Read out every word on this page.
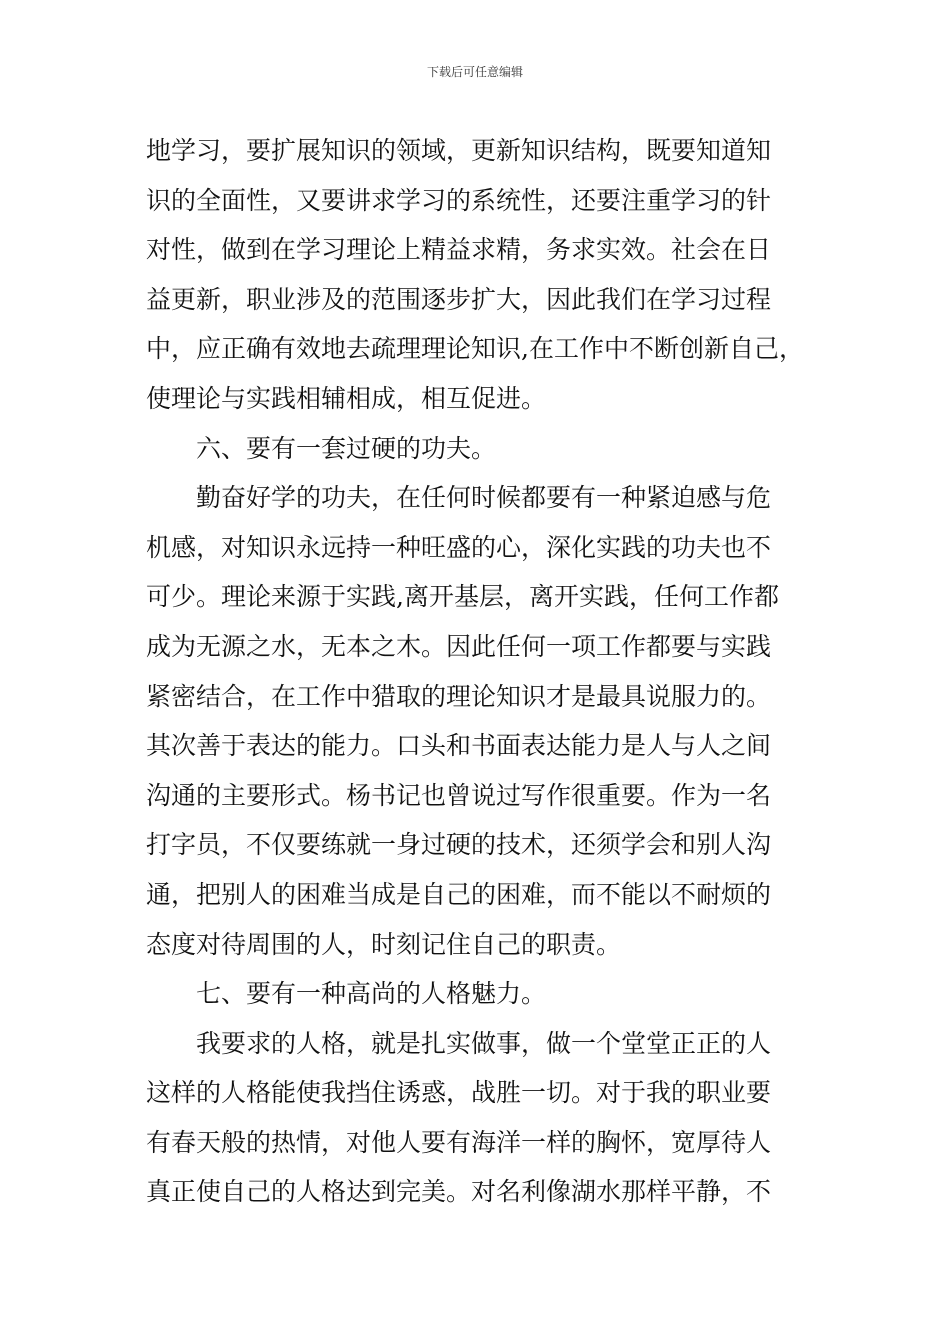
下载后可任意编辑
地学习，要扩展知识的领域，更新知识结构，既要知道知
识的全面性，又要讲求学习的系统性，还要注重学习的针
对性，做到在学习理论上精益求精，务求实效。社会在日
益更新，职业涉及的范围逐步扩大，因此我们在学习过程
中，应正确有效地去疏理理论知识,在工作中不断创新自己，
使理论与实践相辅相成，相互促进。
六、要有一套过硬的功夫。
勤奋好学的功夫，在任何时候都要有一种紧迫感与危
机感，对知识永远持一种旺盛的心，深化实践的功夫也不
可少。理论来源于实践,离开基层，离开实践，任何工作都
成为无源之水，无本之木。因此任何一项工作都要与实践
紧密结合，在工作中猎取的理论知识才是最具说服力的。
其次善于表达的能力。口头和书面表达能力是人与人之间
沟通的主要形式。杨书记也曾说过写作很重要。作为一名
打字员，不仅要练就一身过硬的技术，还须学会和别人沟
通，把别人的困难当成是自己的困难，而不能以不耐烦的
态度对待周围的人，时刻记住自己的职责。
七、要有一种高尚的人格魅力。
我要求的人格，就是扎实做事，做一个堂堂正正的人
这样的人格能使我挡住诱惑，战胜一切。对于我的职业要
有春天般的热情，对他人要有海洋一样的胸怀，宽厚待人
真正使自己的人格达到完美。对名利像湖水那样平静，不
